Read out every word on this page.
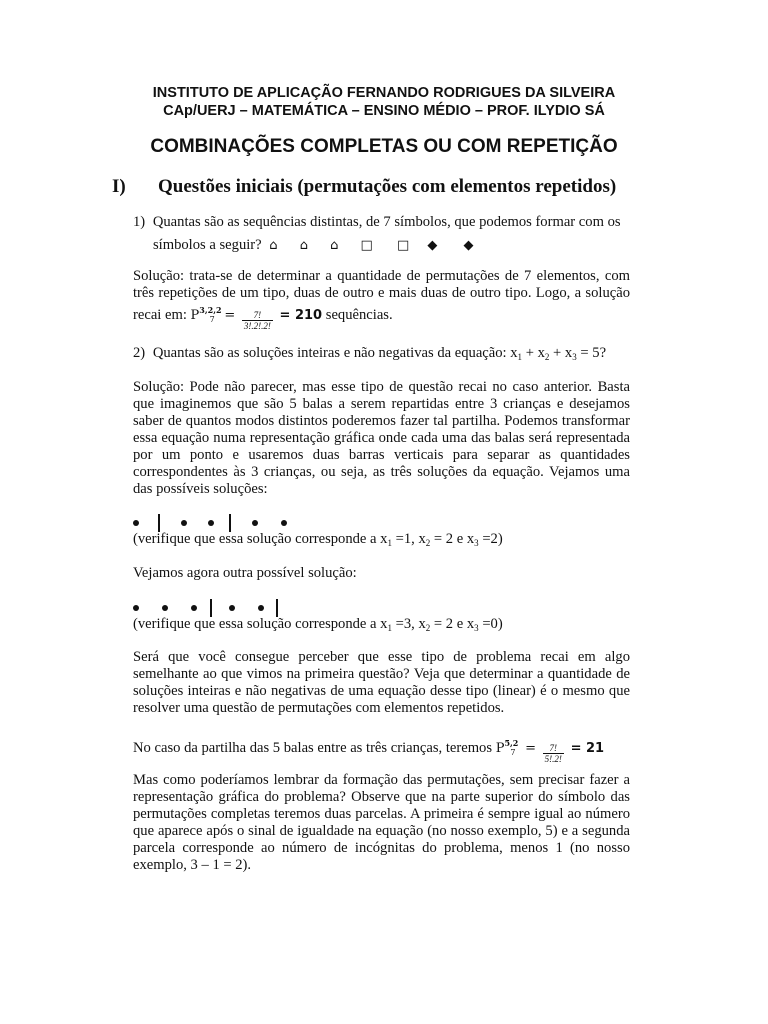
INSTITUTO DE APLICAÇÃO FERNANDO RODRIGUES DA SILVEIRA
CAp/UERJ – MATEMÁTICA – ENSINO MÉDIO – PROF. ILYDIO SÁ
COMBINAÇÕES COMPLETAS OU COM REPETIÇÃO
I) Questões iniciais (permutações com elementos repetidos)
1) Quantas são as sequências distintas, de 7 símbolos, que podemos formar com os
símbolos a seguir? ⌂ ⌂ ⌂ □ □ ◆ ◆
Solução: trata-se de determinar a quantidade de permutações de 7 elementos, com três repetições de um tipo, duas de outro e mais duas de outro tipo. Logo, a solução recai em: $P^{3,2,2}_7 = \frac{7!}{3!.2!.2!} = 210$ sequências.
2) Quantas são as soluções inteiras e não negativas da equação: $x_1 + x_2 + x_3 = 5$?
Solução: Pode não parecer, mas esse tipo de questão recai no caso anterior. Basta que imaginemos que são 5 balas a serem repartidas entre 3 crianças e desejamos saber de quantos modos distintos poderemos fazer tal partilha. Podemos transformar essa equação numa representação gráfica onde cada uma das balas será representada por um ponto e usaremos duas barras verticais para separar as quantidades correspondentes às 3 crianças, ou seja, as três soluções da equação. Vejamos uma das possíveis soluções:
(verifique que essa solução corresponde a $x_1 =1$, $x_2 = 2$ e $x_3 =2$)
Vejamos agora outra possível solução:
(verifique que essa solução corresponde a $x_1 =3$, $x_2 = 2$ e $x_3 =0$)
Será que você consegue perceber que esse tipo de problema recai em algo semelhante ao que vimos na primeira questão? Veja que determinar a quantidade de soluções inteiras e não negativas de uma equação desse tipo (linear) é o mesmo que resolver uma questão de permutações com elementos repetidos.
No caso da partilha das 5 balas entre as três crianças, teremos $P^{5,2}_7 = \frac{7!}{5!.2!} = 21$
Mas como poderíamos lembrar da formação das permutações, sem precisar fazer a representação gráfica do problema? Observe que na parte superior do símbolo das permutações completas teremos duas parcelas. A primeira é sempre igual ao número que aparece após o sinal de igualdade na equação (no nosso exemplo, 5) e a segunda parcela corresponde ao número de incógnitas do problema, menos 1 (no nosso exemplo, 3 – 1 = 2).
